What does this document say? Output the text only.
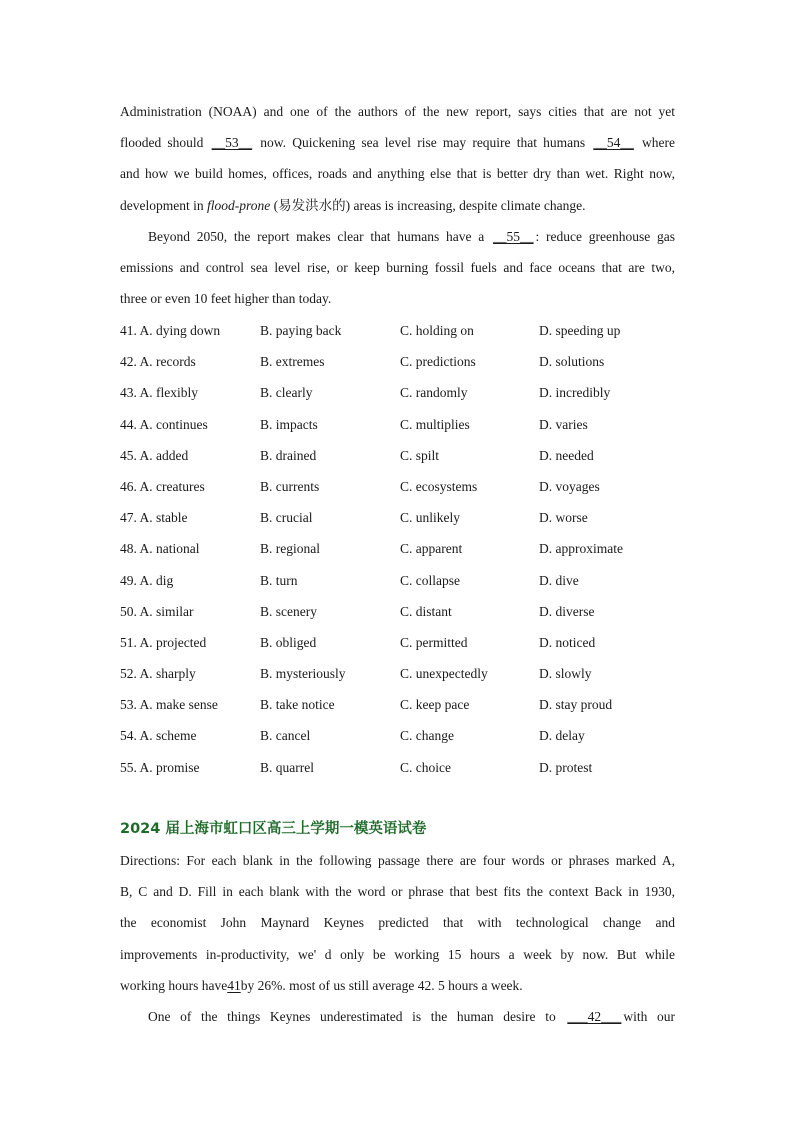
Administration (NOAA) and one of the authors of the new report, says cities that are not yet
flooded should __53__ now. Quickening sea level rise may require that humans __54__ where
and how we build homes, offices, roads and anything else that is better dry than wet. Right now,
development in flood-prone (易发洪水的) areas is increasing, despite climate change.
Beyond 2050, the report makes clear that humans have a __55__ : reduce greenhouse gas
emissions and control sea level rise, or keep burning fossil fuels and face oceans that are two,
three or even 10 feet higher than today.
41. A. dying down	B. paying back	C. holding on	D. speeding up
42. A. records	B. extremes	C. predictions	D. solutions
43. A. flexibly	B. clearly	C. randomly	D. incredibly
44. A. continues	B. impacts	C. multiplies	D. varies
45. A. added	B. drained	C. spilt	D. needed
46. A. creatures	B. currents	C. ecosystems	D. voyages
47. A. stable	B. crucial	C. unlikely	D. worse
48. A. national	B. regional	C. apparent	D. approximate
49. A. dig	B. turn	C. collapse	D. dive
50. A. similar	B. scenery	C. distant	D. diverse
51. A. projected	B. obliged	C. permitted	D. noticed
52. A. sharply	B. mysteriously	C. unexpectedly	D. slowly
53. A. make sense	B. take notice	C. keep pace	D. stay proud
54. A. scheme	B. cancel	C. change	D. delay
55. A. promise	B. quarrel	C. choice	D. protest
2024 届上海市虹口区高三上学期一模英语试卷
Directions: For each blank in the following passage there are four words or phrases marked A,
B, C and D. Fill in each blank with the word or phrase that best fits the context Back in 1930,
the economist John Maynard Keynes predicted that with technological change and
improvements in-productivity, we' d only be working 15 hours a week by now. But while
working hours have41by 26%. most of us still average 42. 5 hours a week.
One of the things Keynes underestimated is the human desire to ___42___ with our
